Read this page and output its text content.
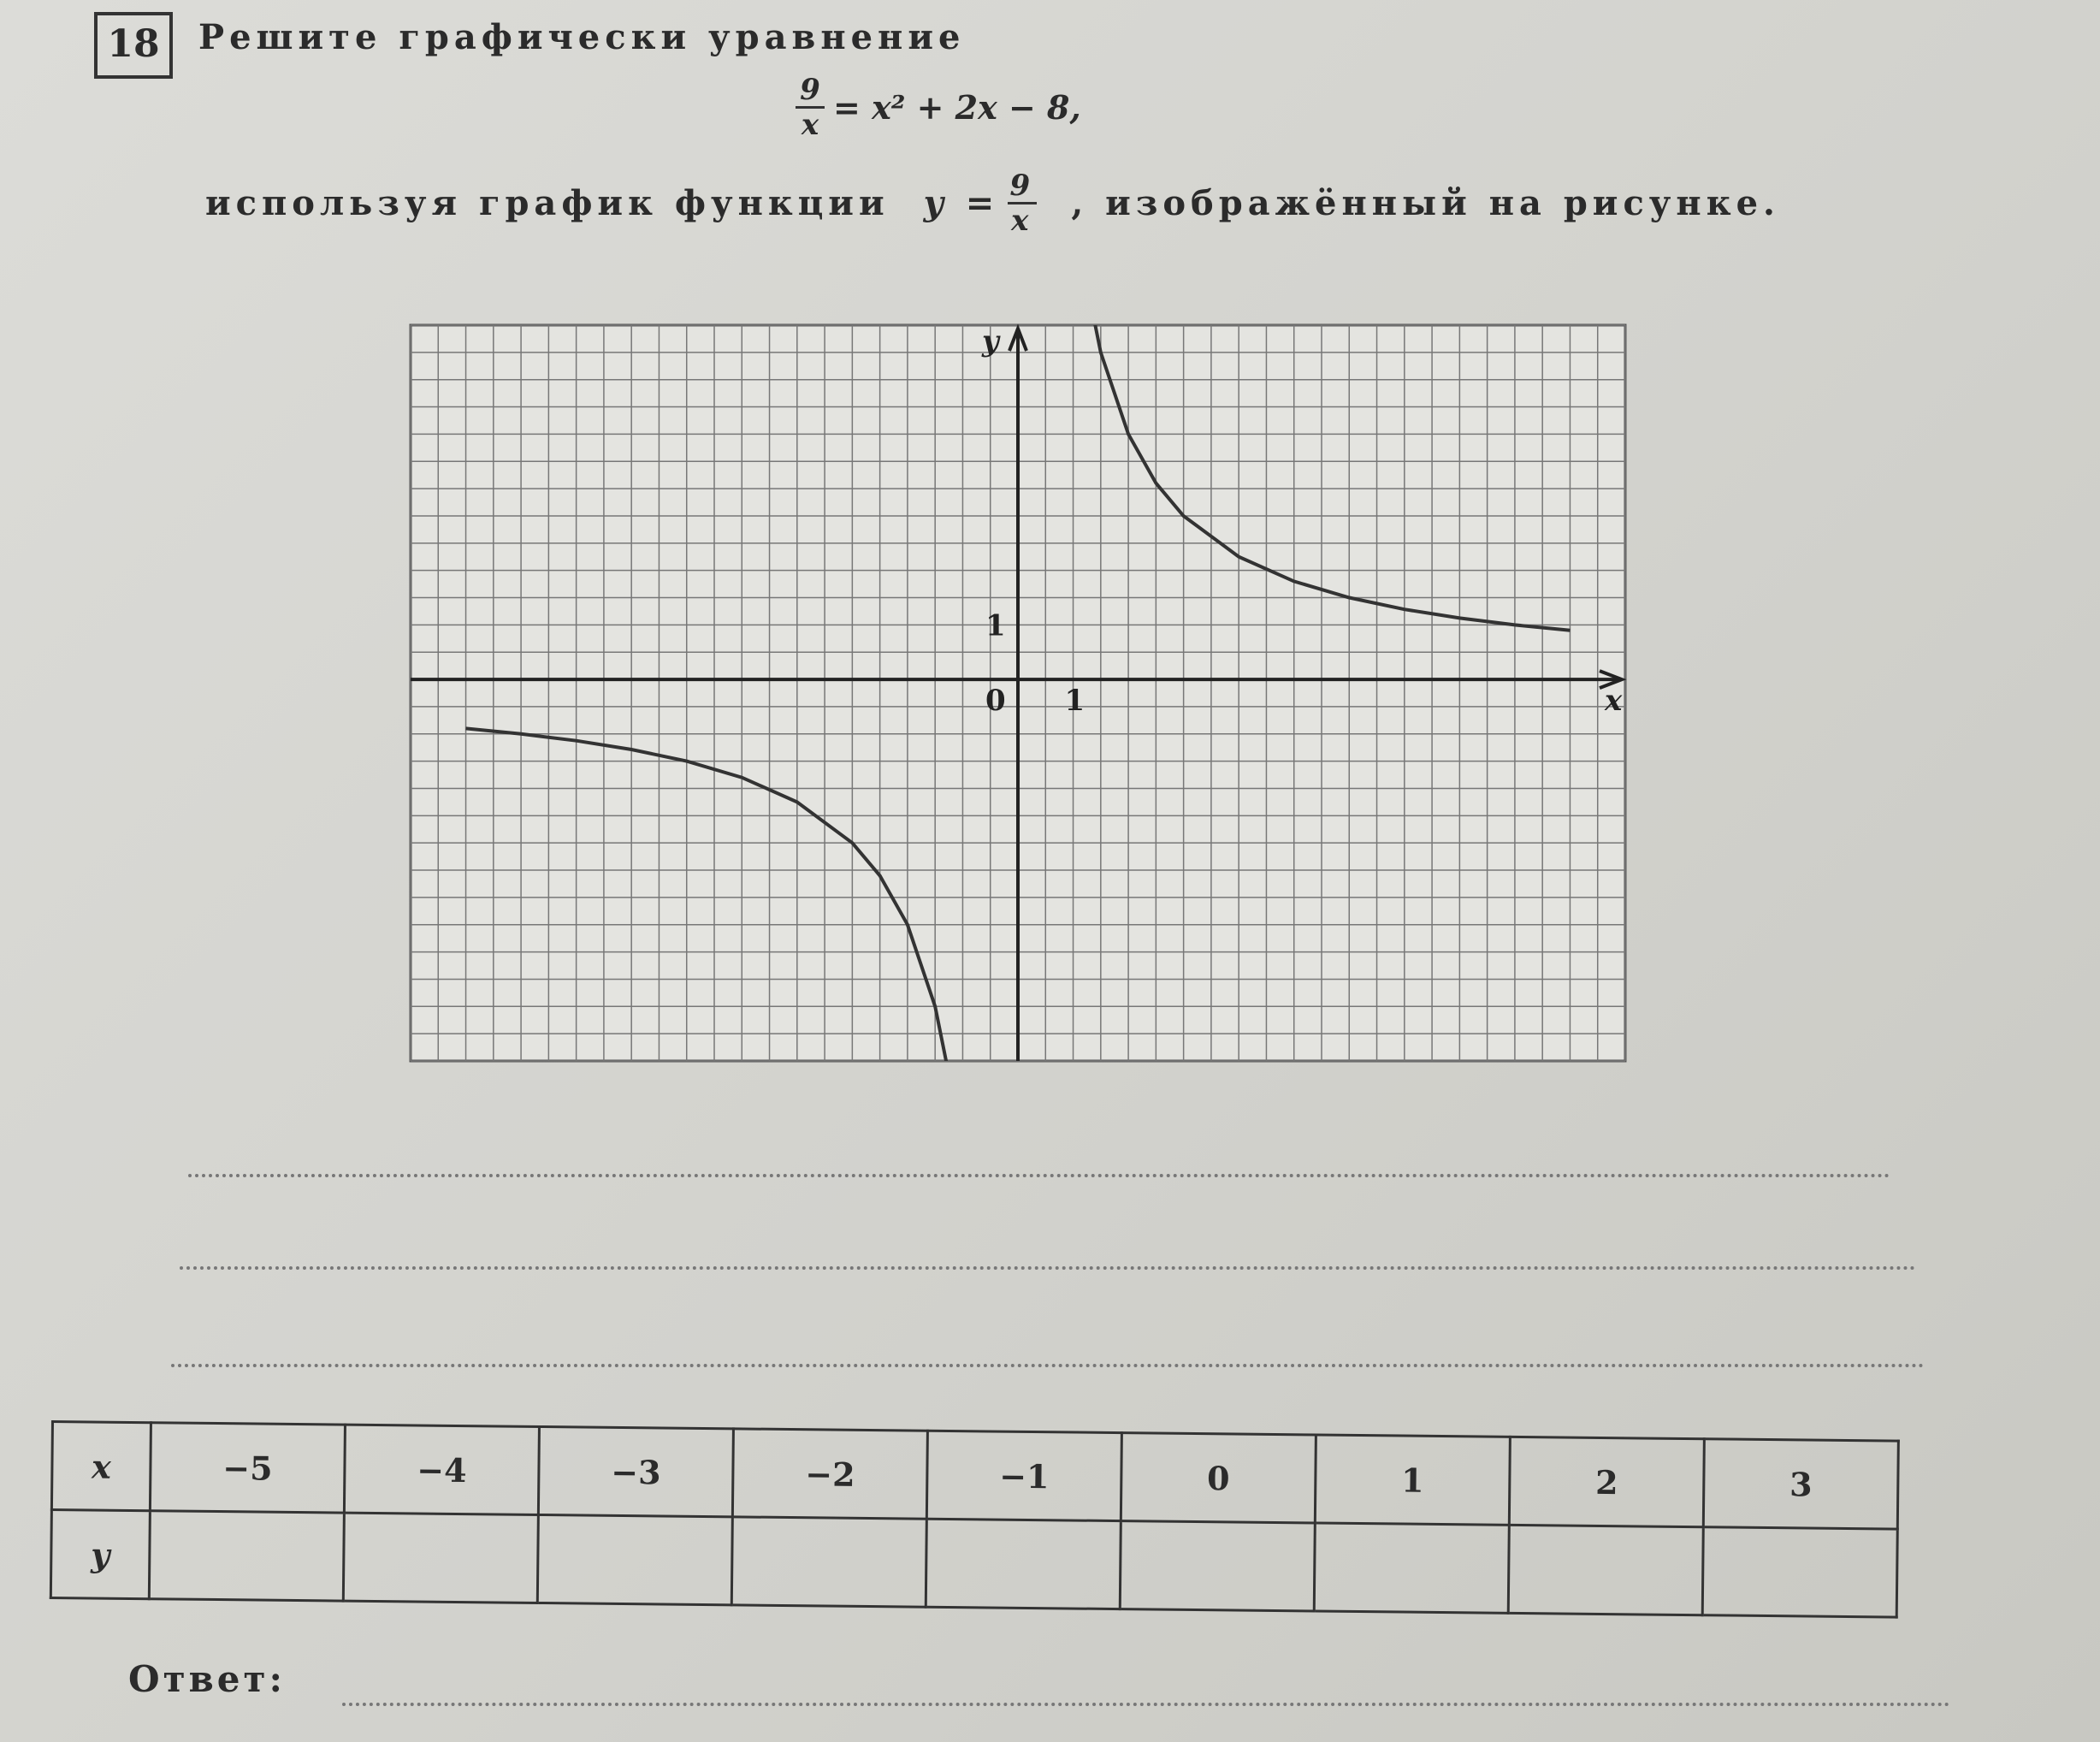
18	Решите графически уравнение
$\frac{9}{x} = x^2 + 2x - 8$,
используя график функции $y = \frac{9}{x}$ , изображённый на рисунке.
0 1
1
x
y
x	−5	−4	−3	−2	−1	0	1	2	3
y									
Ответ:
